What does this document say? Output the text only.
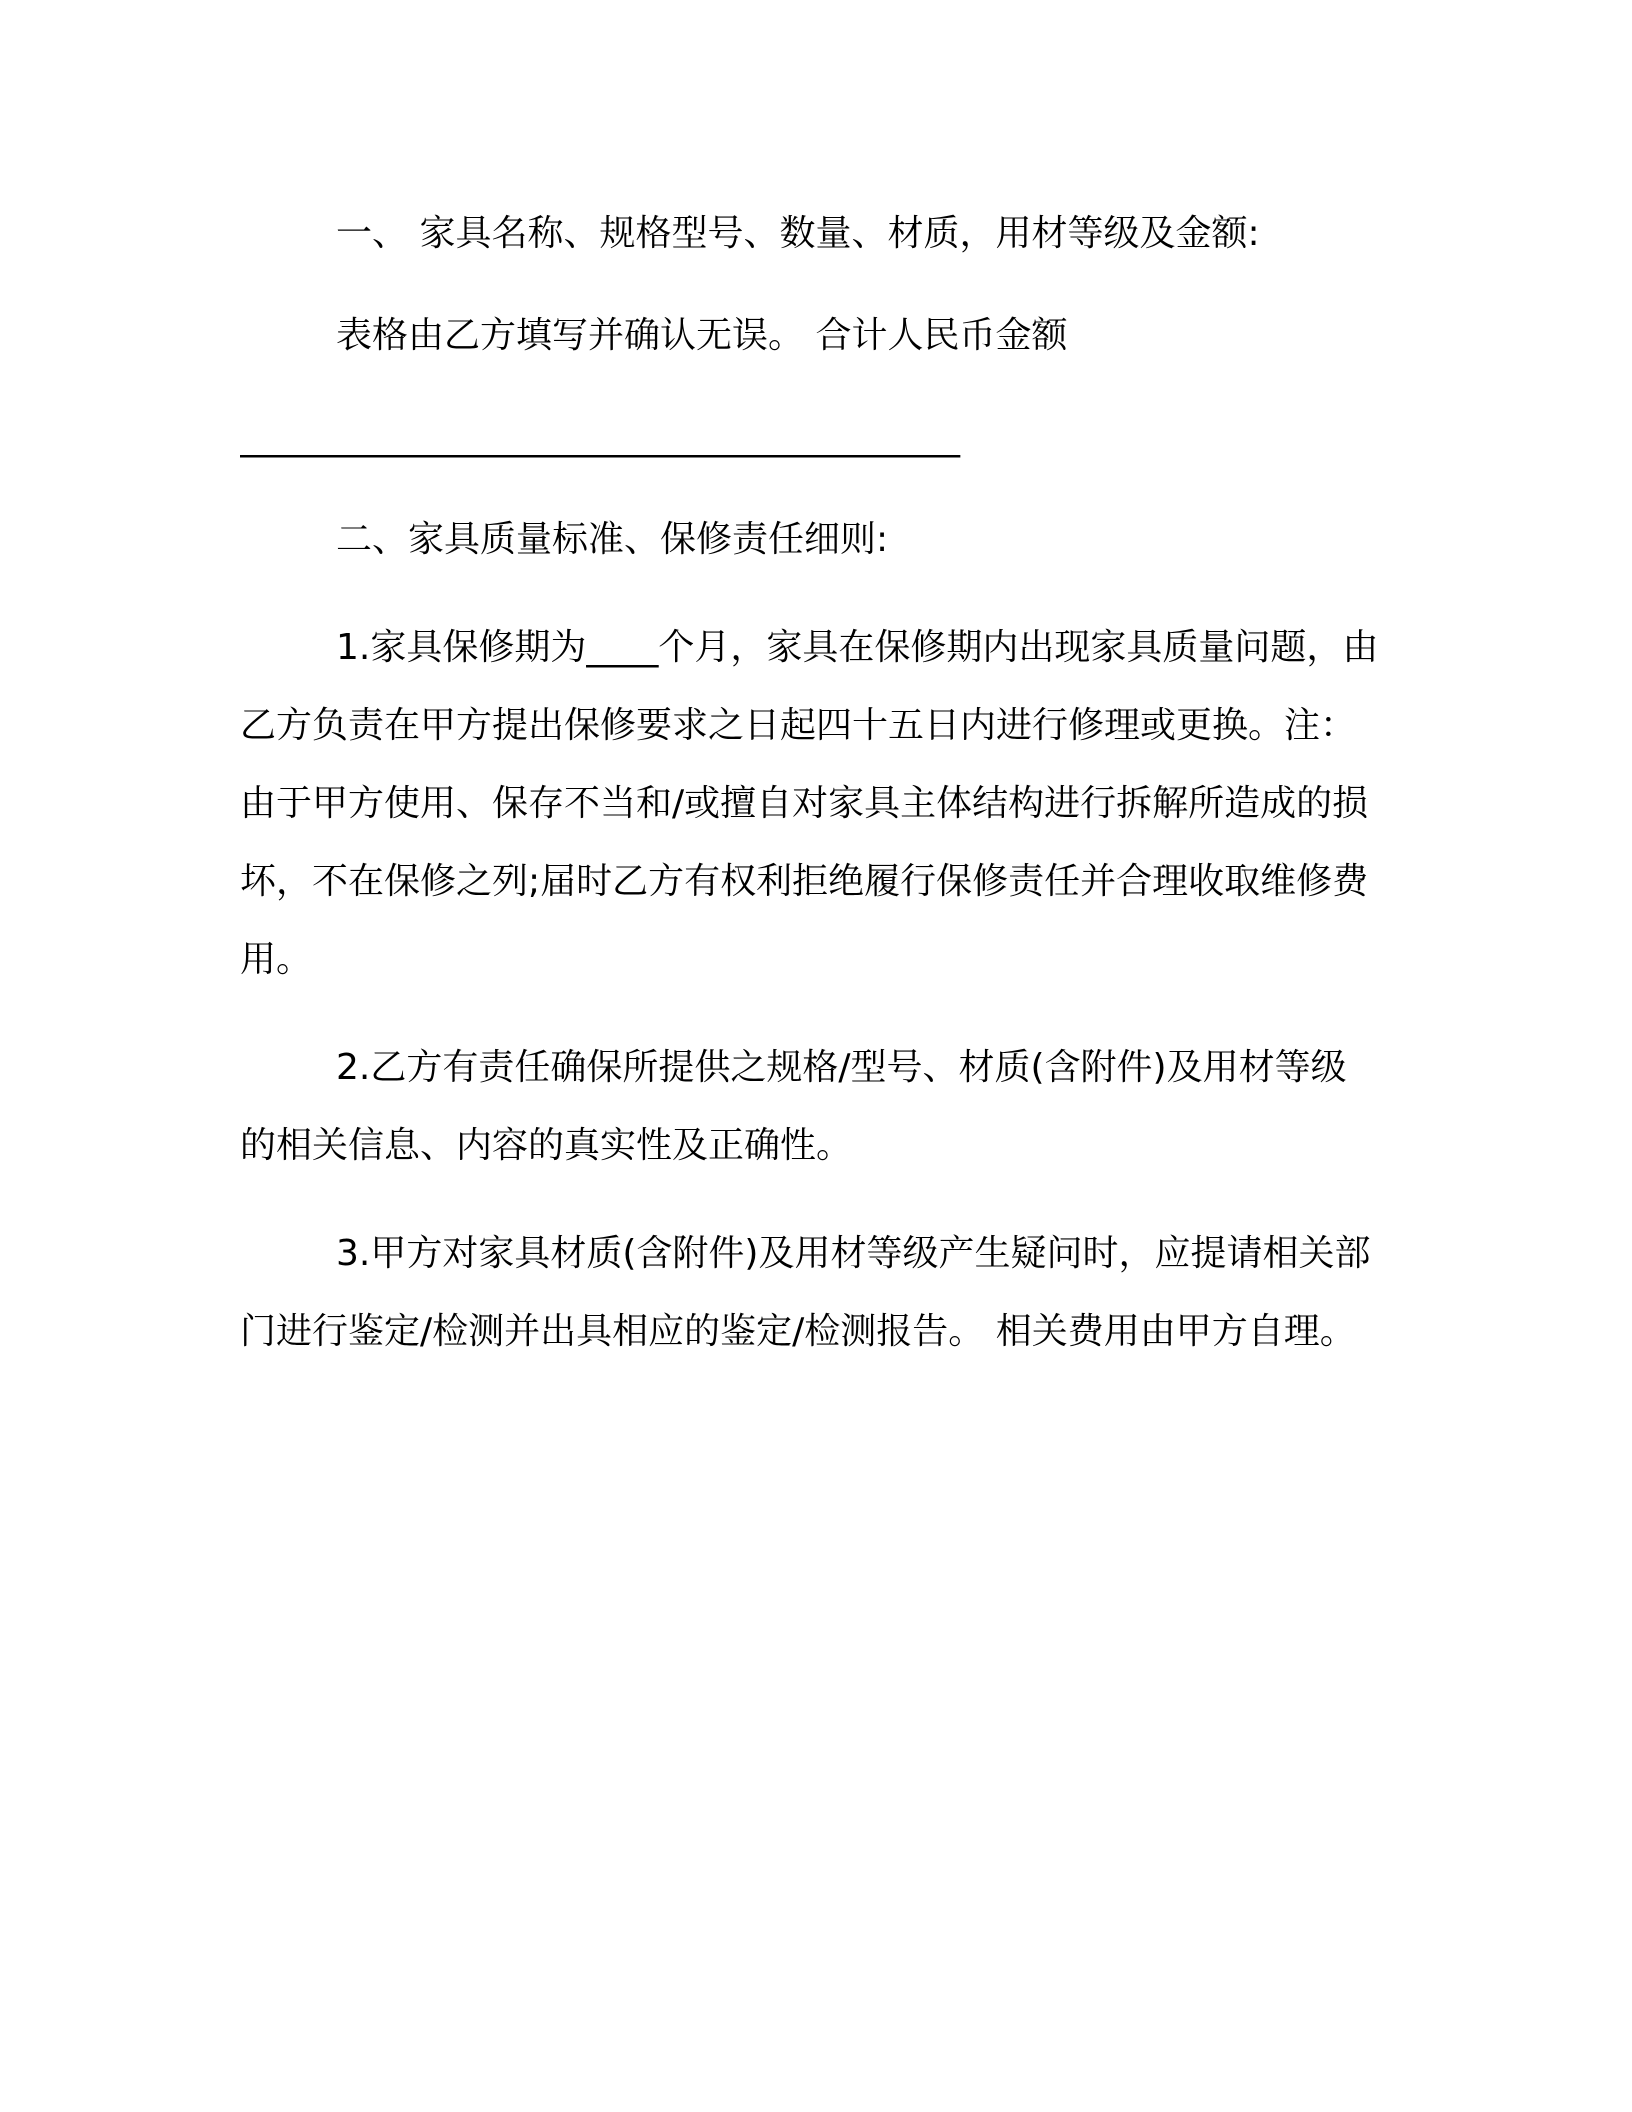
一、 家具名称、规格型号、数量、材质，用材等级及金额:

表格由乙方填写并确认无误。 合计人民币金额

________________________________________

二、家具质量标准、保修责任细则:

1.家具保修期为____个月，家具在保修期内出现家具质量问题，由乙方负责在甲方提出保修要求之日起四十五日内进行修理或更换。注：由于甲方使用、保存不当和/或擅自对家具主体结构进行拆解所造成的损坏，不在保修之列;届时乙方有权利拒绝履行保修责任并合理收取维修费用。

2.乙方有责任确保所提供之规格/型号、材质(含附件)及用材等级的相关信息、内容的真实性及正确性。

3.甲方对家具材质(含附件)及用材等级产生疑问时，应提请相关部门进行鉴定/检测并出具相应的鉴定/检测报告。 相关费用由甲方自理。
